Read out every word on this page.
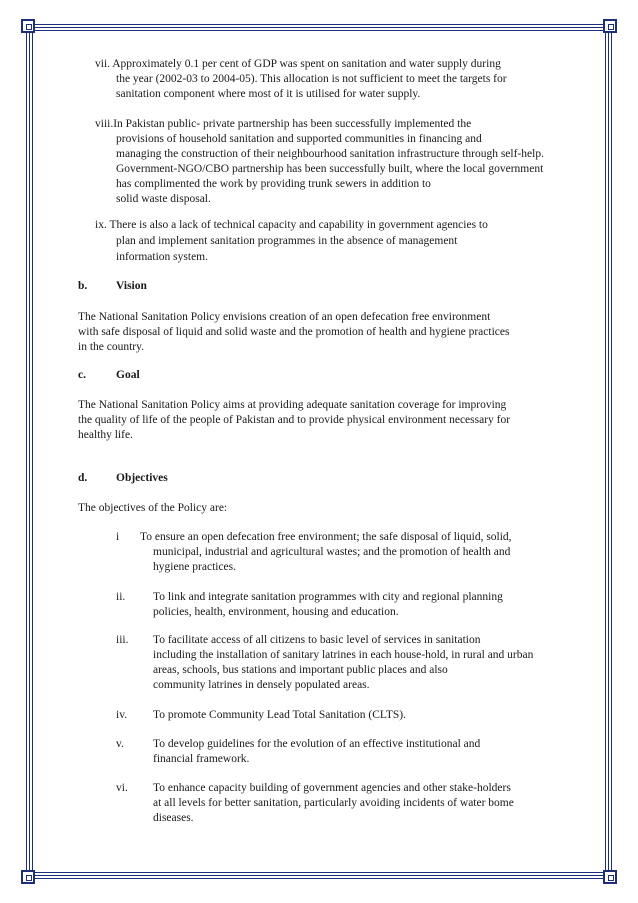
vii. Approximately 0.1 per cent of GDP was spent on sanitation and water supply during
the year (2002-03 to 2004-05). This allocation is not sufficient to meet the targets for
sanitation component where most of it is utilised for water supply.
viii.In Pakistan public- private partnership has been successfully implemented the
provisions of household sanitation and supported communities in financing and
managing the construction of their neighbourhood sanitation infrastructure through self-help.
Government-NGO/CBO partnership has been successfully built, where the local government
has complimented the work by providing trunk sewers in addition to
solid waste disposal.
ix. There is also a lack of technical capacity and capability in government agencies to
plan and implement sanitation programmes in the absence of management
information system.
b. Vision
The National Sanitation Policy envisions creation of an open defecation free environment
with safe disposal of liquid and solid waste and the promotion of health and hygiene practices
in the country.
c.	Goal
The National Sanitation Policy aims at providing adequate sanitation coverage for improving
the quality of life of the people of Pakistan and to provide physical environment necessary for
healthy life.
d. Objectives
The objectives of the Policy are:
i To ensure an open defecation free environment; the safe disposal of liquid, solid,
municipal, industrial and agricultural wastes; and the promotion of health and
hygiene practices.
ii. To link and integrate sanitation programmes with city and regional planning
policies, health, environment, housing and education.
iii. To facilitate access of all citizens to basic level of services in sanitation
including the installation of sanitary latrines in each house-hold, in rural and urban
areas, schools, bus stations and important public places and also
community latrines in densely populated areas.
iv. To promote Community Lead Total Sanitation (CLTS).
v.	To develop guidelines for the evolution of an effective institutional and
financial framework.
vi. To enhance capacity building of government agencies and other stake-holders
at all levels for better sanitation, particularly avoiding incidents of water bome
diseases.
